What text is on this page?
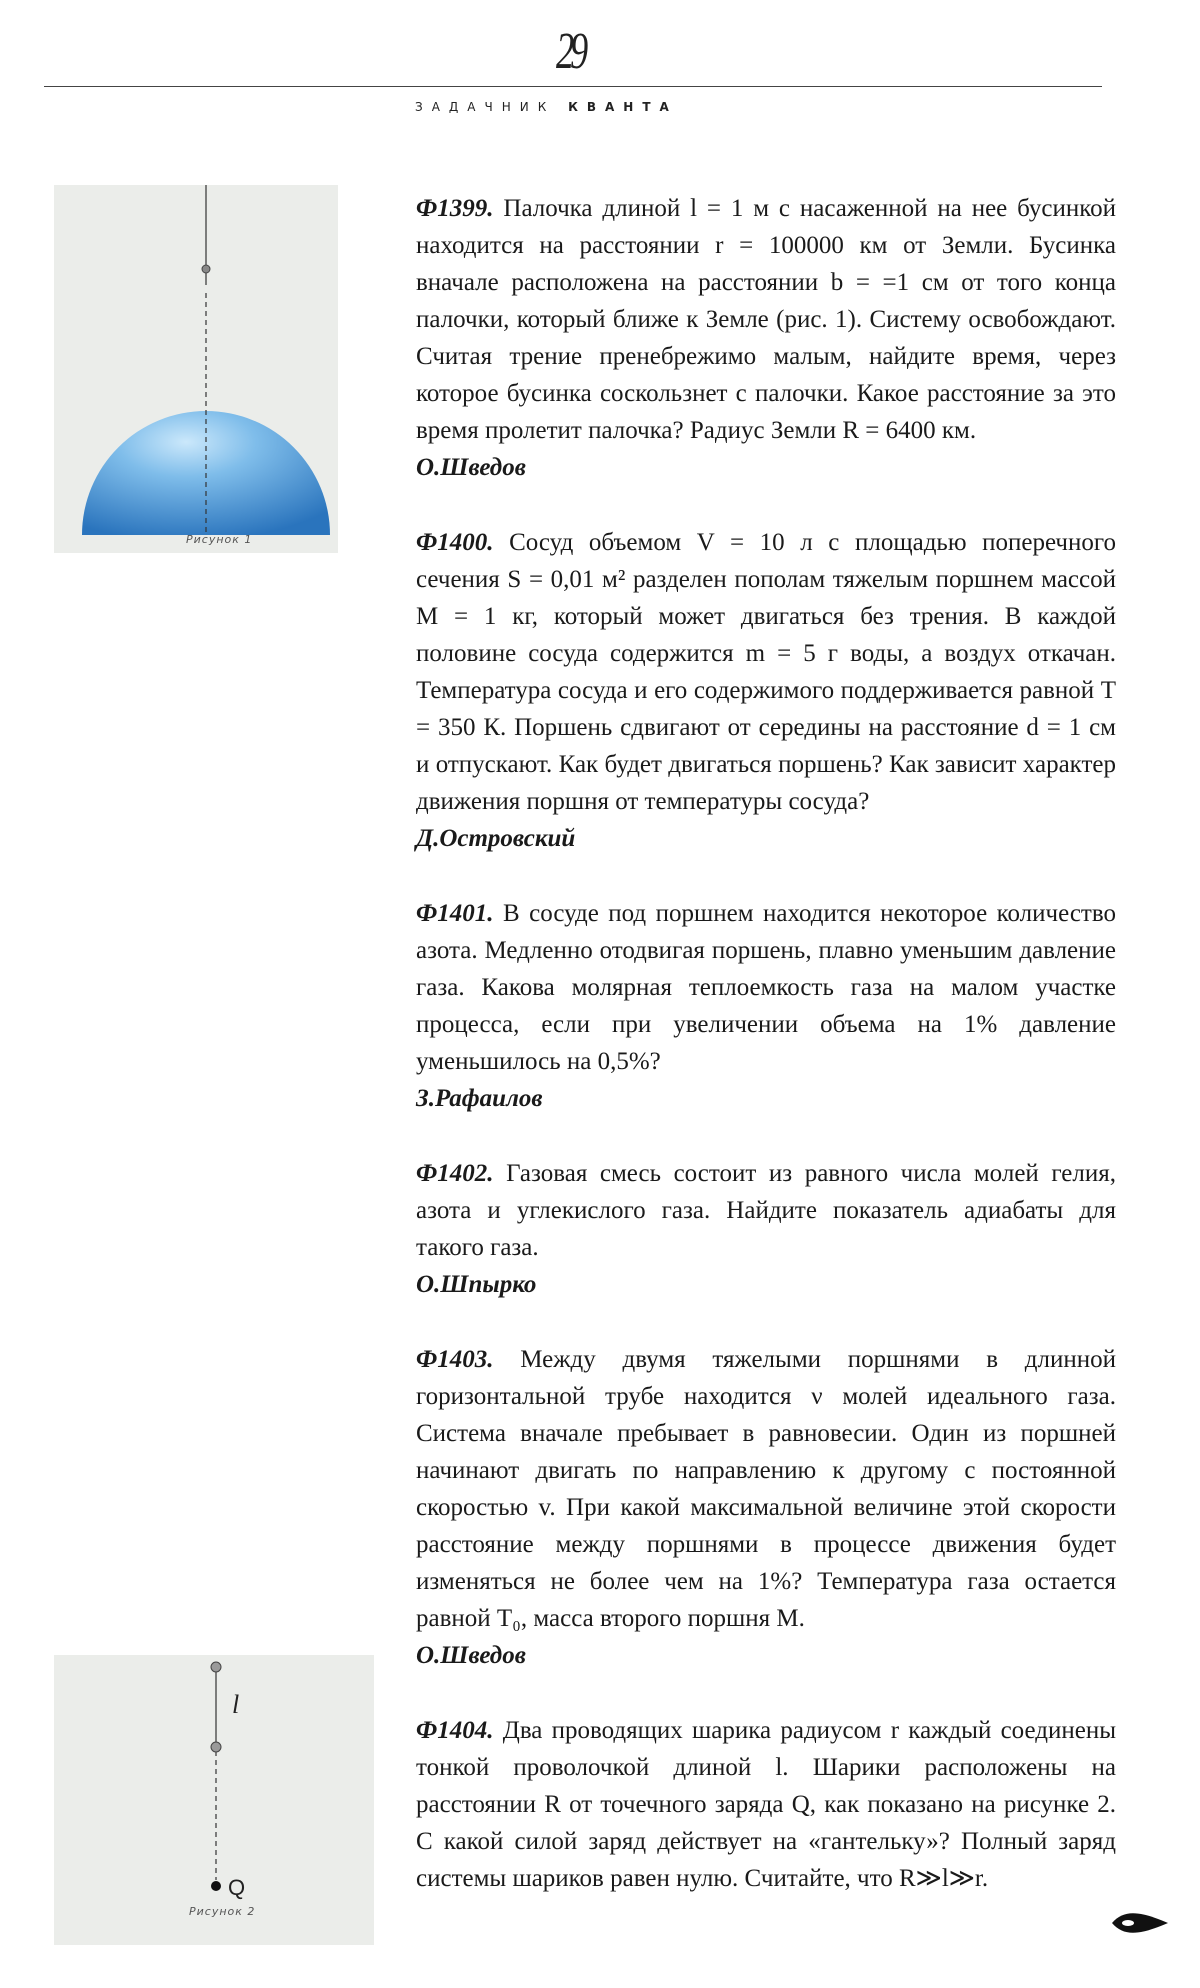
29
ЗАДАЧНИК КВАНТА
Рисунок 1
l
Q
Рисунок 2

Ф1399. Палочка длиной l = 1 м с насаженной на нее бусинкой находится на расстоянии r = 100000 км от Земли. Бусинка вначале расположена на расстоянии b = =1 см от того конца палочки, который ближе к Земле (рис. 1). Систему освобождают. Считая трение пренебрежимо малым, найдите время, через которое бусинка соскользнет с палочки. Какое расстояние за это время пролетит палочка? Радиус Земли R = 6400 км.

О.Шведов

Ф1400. Сосуд объемом V = 10 л с площадью поперечного сечения S = 0,01 м² разделен пополам тяжелым поршнем массой M = 1 кг, который может двигаться без трения. В каждой половине сосуда содержится m = 5 г воды, а воздух откачан. Температура сосуда и его содержимого поддерживается равной T = 350 К. Поршень сдвигают от середины на расстояние d = 1 см и отпускают. Как будет двигаться поршень? Как зависит характер движения поршня от температуры сосуда?

Д.Островский

Ф1401. В сосуде под поршнем находится некоторое количество азота. Медленно отодвигая поршень, плавно уменьшим давление газа. Какова молярная теплоемкость газа на малом участке процесса, если при увеличении объема на 1% давление уменьшилось на 0,5%?

З.Рафаилов

Ф1402. Газовая смесь состоит из равного числа молей гелия, азота и углекислого газа. Найдите показатель адиабаты для такого газа.

О.Шпырко

Ф1403. Между двумя тяжелыми поршнями в длинной горизонтальной трубе находится ν молей идеального газа. Система вначале пребывает в равновесии. Один из поршней начинают двигать по направлению к другому с постоянной скоростью v. При какой максимальной величине этой скорости расстояние между поршнями в процессе движения будет изменяться не более чем на 1%? Температура газа остается равной T₀, масса второго поршня M.

О.Шведов

Ф1404. Два проводящих шарика радиусом r каждый соединены тонкой проволочкой длиной l. Шарики расположены на расстоянии R от точечного заряда Q, как показано на рисунке 2. С какой силой заряд действует на «гантельку»? Полный заряд системы шариков равен нулю. Считайте, что R≫l≫r.
